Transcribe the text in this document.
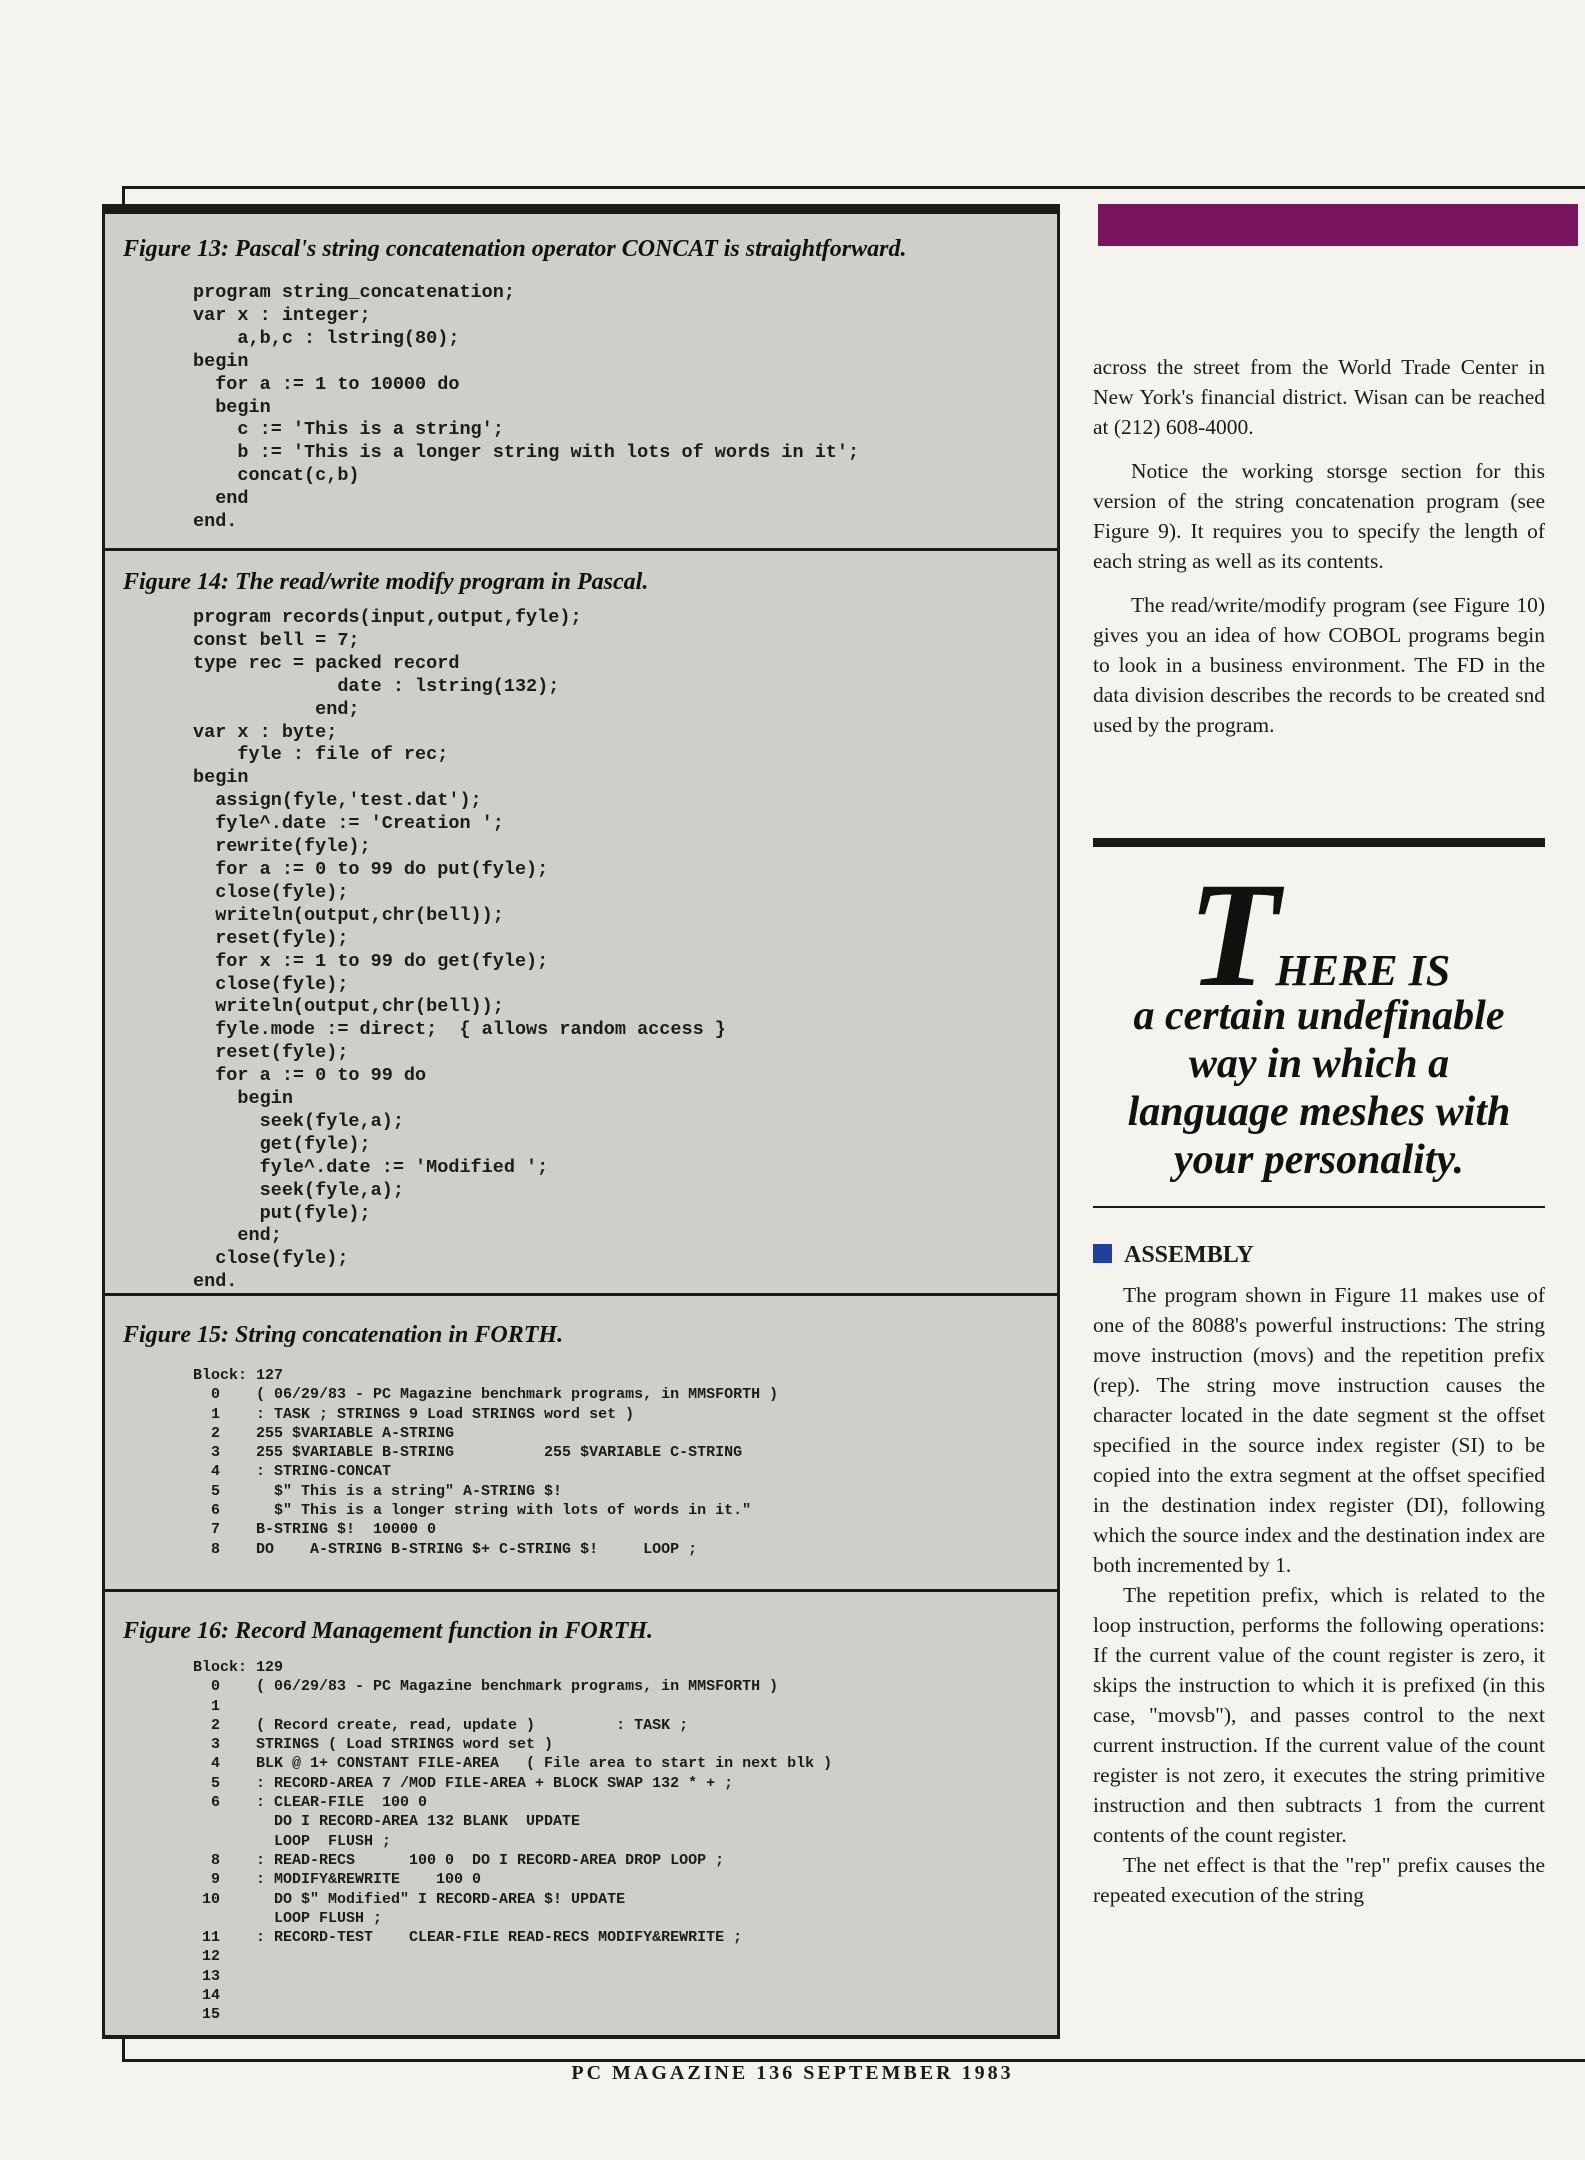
Figure 13: Pascal's string concatenation operator CONCAT is straightforward.
program string_concatenation;
var x : integer;
a,b,c : lstring(80);
begin
for a := 1 to 10000 do
begin
c := 'This is a string';
b := 'This is a longer string with lots of words in it';
concat(c,b)
end
end.
Figure 14: The read/write modify program in Pascal.
program records(input,output,fyle);
const bell = 7;
type rec = packed record
date : lstring(132);
end;
var x : byte;
fyle : file of rec;
begin
assign(fyle,'test.dat');
fyle^.date := 'Creation ';
rewrite(fyle);
for a := 0 to 99 do put(fyle);
close(fyle);
writeln(output,chr(bell));
reset(fyle);
for x := 1 to 99 do get(fyle);
close(fyle);
writeln(output,chr(bell));
fyle.mode := direct;  { allows random access }
reset(fyle);
for a := 0 to 99 do
begin
seek(fyle,a);
get(fyle);
fyle^.date := 'Modified ';
seek(fyle,a);
put(fyle);
end;
close(fyle);
end.
Figure 15: String concatenation in FORTH.
Block: 127
0    ( 06/29/83 - PC Magazine benchmark programs, in MMSFORTH )
1    : TASK ; STRINGS 9 Load STRINGS word set )
2    255 $VARIABLE A-STRING
3    255 $VARIABLE B-STRING          255 $VARIABLE C-STRING
4    : STRING-CONCAT
5      $" This is a string" A-STRING $!
6      $" This is a longer string with lots of words in it."
7    B-STRING $!  10000 0
8    DO    A-STRING B-STRING $+ C-STRING $!     LOOP ;
Figure 16: Record Management function in FORTH.
Block: 129
0    ( 06/29/83 - PC Magazine benchmark programs, in MMSFORTH )
1
2    ( Record create, read, update )         : TASK ;
3    STRINGS ( Load STRINGS word set )
4    BLK @ 1+ CONSTANT FILE-AREA   ( File area to start in next blk )
5    : RECORD-AREA 7 /MOD FILE-AREA + BLOCK SWAP 132 * + ;
6    : CLEAR-FILE  100 0
DO I RECORD-AREA 132 BLANK  UPDATE
LOOP  FLUSH ;
8    : READ-RECS      100 0  DO I RECORD-AREA DROP LOOP ;
9    : MODIFY&REWRITE    100 0
10      DO $" Modified" I RECORD-AREA $! UPDATE
LOOP FLUSH ;
11    : RECORD-TEST    CLEAR-FILE READ-RECS MODIFY&REWRITE ;
12
13
14
15

across the street from the World Trade Center in New York's financial district. Wisan can be reached at (212) 608-4000.

Notice the working storsge section for this version of the string concatenation program (see Figure 9). It requires you to specify the length of each string as well as its contents.

The read/write/modify program (see Figure 10) gives you an idea of how COBOL programs begin to look in a business environment. The FD in the data division describes the records to be created snd used by the program.

THERE IS
a certain undefinable
way in which a
language meshes with
your personality.
ASSEMBLY

The program shown in Figure 11 makes use of one of the 8088's powerful instructions: The string move instruction (movs) and the repetition prefix (rep). The string move instruction causes the character located in the date segment st the offset specified in the source index register (SI) to be copied into the extra segment at the offset specified in the destination index register (DI), following which the source index and the destination index are both incremented by 1.

The repetition prefix, which is related to the loop instruction, performs the following operations: If the current value of the count register is zero, it skips the instruction to which it is prefixed (in this case, "movsb"), and passes control to the next current instruction. If the current value of the count register is not zero, it executes the string primitive instruction and then subtracts 1 from the current contents of the count register.

The net effect is that the "rep" prefix causes the repeated execution of the string

PC MAGAZINE 136 SEPTEMBER 1983
